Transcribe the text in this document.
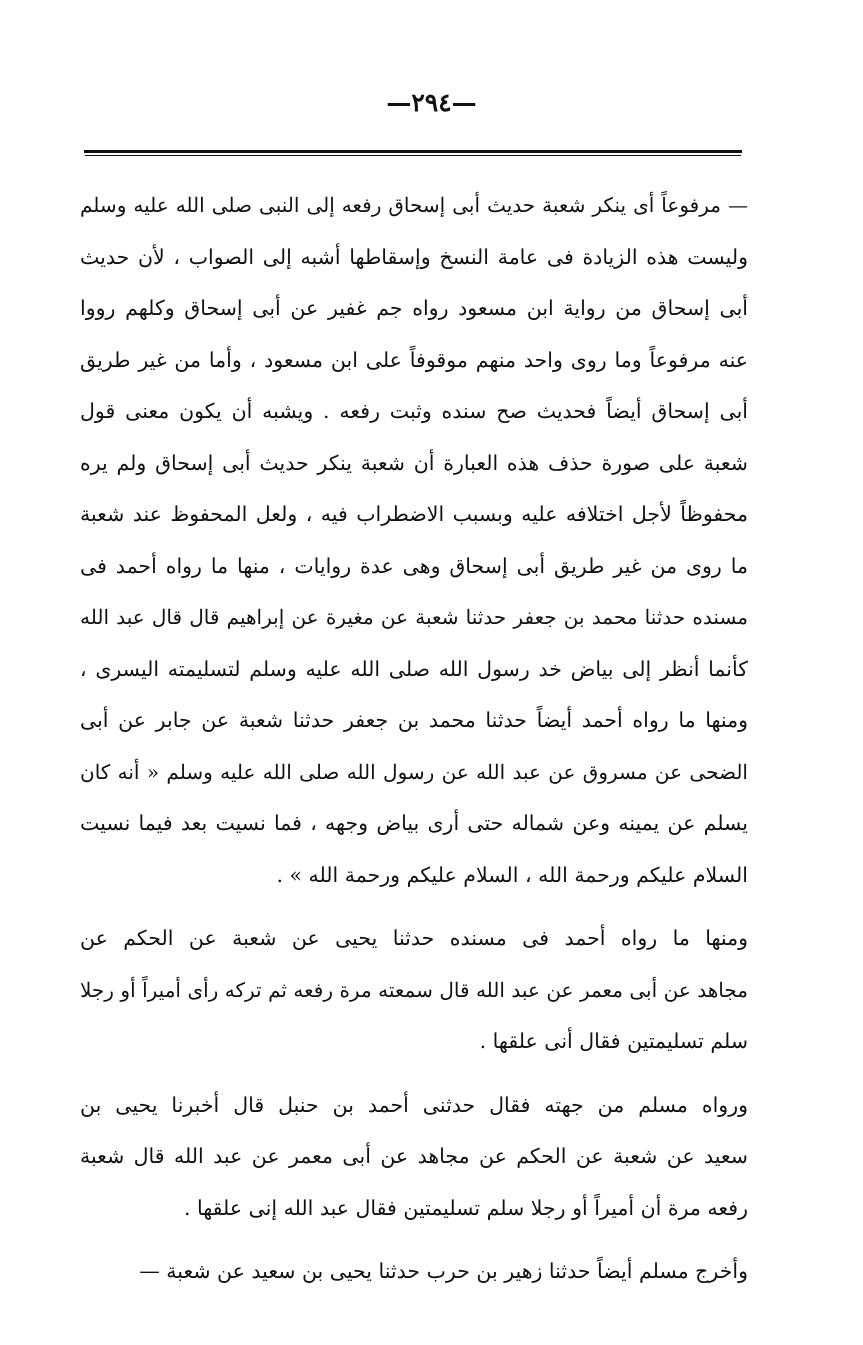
—٢٩٤—
— مرفوعاً أى ينكر شعبة حديث أبى إسحاق رفعه إلى النبى صلى الله عليه وسلم
وليست هذه الزيادة فى عامة النسخ وإسقاطها أشبه إلى الصواب ، لأن حديث
أبى إسحاق من رواية ابن مسعود رواه جم غفير عن أبى إسحاق وكلهم رووا
عنه مرفوعاً وما روى واحد منهم موقوفاً على ابن مسعود ، وأما من غير طريق
أبى إسحاق أيضاً فحديث صح سنده وثبت رفعه . ويشبه أن يكون معنى قول
شعبة على صورة حذف هذه العبارة أن شعبة ينكر حديث أبى إسحاق ولم يره
محفوظاً لأجل اختلافه عليه وبسبب الاضطراب فيه ، ولعل المحفوظ عند شعبة
ما روى من غير طريق أبى إسحاق وهى عدة روايات ، منها ما رواه أحمد فى
مسنده حدثنا محمد بن جعفر حدثنا شعبة عن مغيرة عن إبراهيم قال قال عبد الله
كأنما أنظر إلى بياض خد رسول الله صلى الله عليه وسلم لتسليمته اليسرى ،
ومنها ما رواه أحمد أيضاً حدثنا محمد بن جعفر حدثنا شعبة عن جابر عن أبى
الضحى عن مسروق عن عبد الله عن رسول الله صلى الله عليه وسلم « أنه كان
يسلم عن يمينه وعن شماله حتى أرى بياض وجهه ، فما نسيت بعد فيما نسيت
السلام عليكم ورحمة الله ، السلام عليكم ورحمة الله » .
ومنها ما رواه أحمد فى مسنده حدثنا يحيى عن شعبة عن الحكم عن
مجاهد عن أبى معمر عن عبد الله قال سمعته مرة رفعه ثم تركه رأى أميراً أو رجلا
سلم تسليمتين فقال أنى علقها .
ورواه مسلم من جهته فقال حدثنى أحمد بن حنبل قال أخبرنا يحيى بن
سعيد عن شعبة عن الحكم عن مجاهد عن أبى معمر عن عبد الله قال شعبة
رفعه مرة أن أميراً أو رجلا سلم تسليمتين فقال عبد الله إنى علقها .
وأخرج مسلم أيضاً حدثنا زهير بن حرب حدثنا يحيى بن سعيد عن شعبة —
